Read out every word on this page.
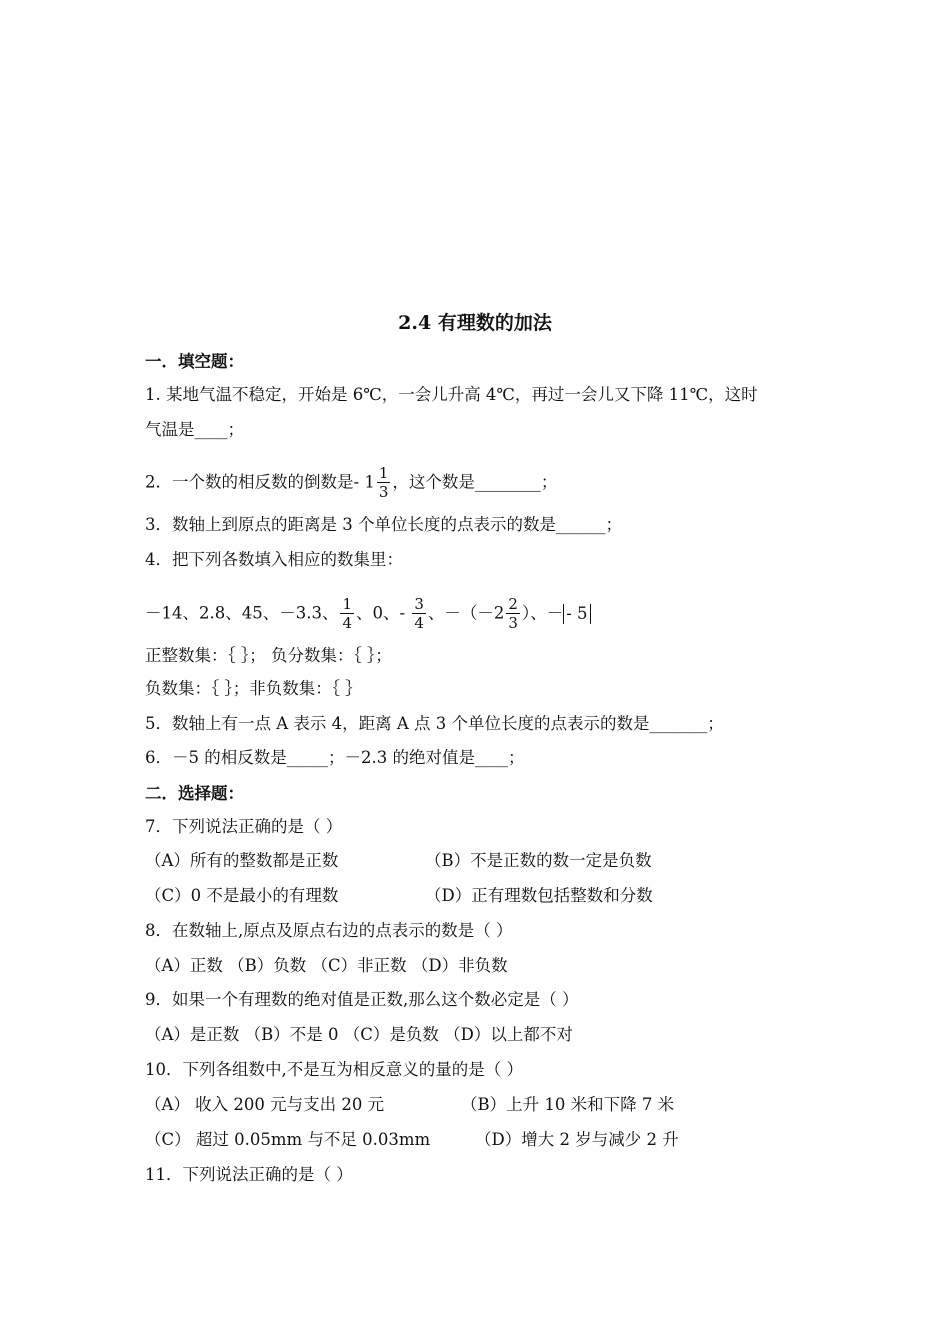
2.4 有理数的加法
一．填空题：
1. 某地气温不稳定，开始是 6℃，一会儿升高 4℃，再过一会儿又下降 11℃，这时
气温是____；
2．一个数的相反数的倒数是- $1 \frac{1}{3}$ ，这个数是________；
3．数轴上到原点的距离是 3 个单位长度的点表示的数是______；
4．把下列各数填入相应的数集里：
－14、2.8、45、－3.3、 $\frac{1}{4}$ 、0、- $\frac{3}{4}$ 、$-(-2 \frac{2}{3}$ ）、－ - 5
正整数集：｛ ｝； 负分数集：｛ ｝；
负数集：｛ ｝；非负数集：｛ ｝
5．数轴上有一点 A 表示 4，距离 A 点 3 个单位长度的点表示的数是_______；
6．－5 的相反数是_____；－2.3 的绝对值是____；
二．选择题：
7．下列说法正确的是（ ）
（A）所有的整数都是正数	（B）不是正数的数一定是负数
（C）0 不是最小的有理数	（D）正有理数包括整数和分数
8．在数轴上,原点及原点右边的点表示的数是（ ）
（A）正数 （B）负数 （C）非正数 （D）非负数
9．如果一个有理数的绝对值是正数,那么这个数必定是（ ）
（A）是正数 （B）不是 0 （C）是负数 （D）以上都不对
10．下列各组数中,不是互为相反意义的量的是（ ）
（A） 收入 200 元与支出 20 元	（B）上升 10 米和下降 7 米
（C） 超过 0.05mm 与不足 0.03mm	（D）增大 2 岁与减少 2 升
11．下列说法正确的是（ ）
